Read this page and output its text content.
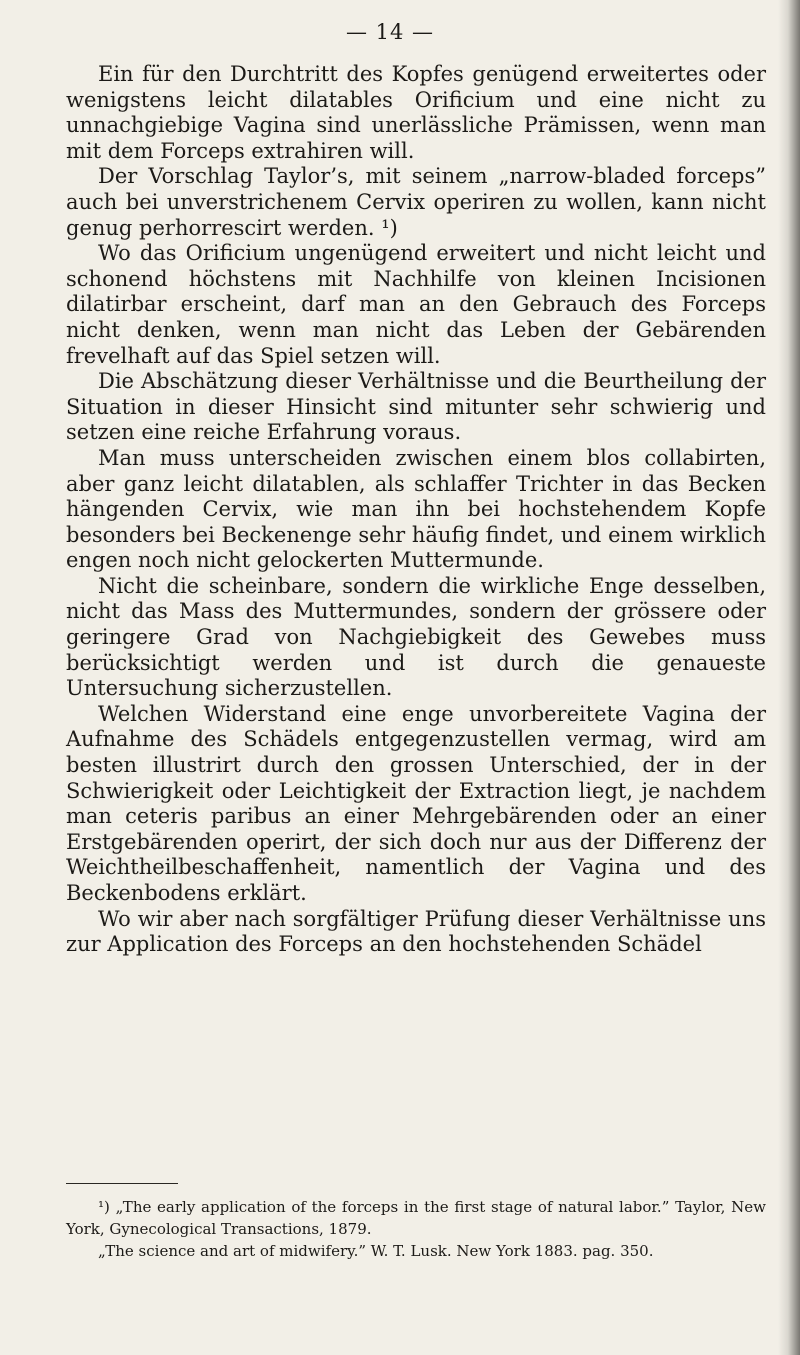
— 14 —

Ein für den Durchtritt des Kopfes genügend erweitertes oder wenigstens leicht dilatables Orificium und eine nicht zu unnachgiebige Vagina sind unerlässliche Prämissen, wenn man mit dem Forceps extrahiren will.

Der Vorschlag Taylor’s, mit seinem „narrow-bladed forceps” auch bei unverstrichenem Cervix operiren zu wollen, kann nicht genug perhorrescirt werden. ¹)

Wo das Orificium ungenügend erweitert und nicht leicht und schonend höchstens mit Nachhilfe von kleinen Incisionen dilatirbar erscheint, darf man an den Gebrauch des Forceps nicht denken, wenn man nicht das Leben der Gebärenden frevelhaft auf das Spiel setzen will.

Die Abschätzung dieser Verhältnisse und die Beurtheilung der Situation in dieser Hinsicht sind mitunter sehr schwierig und setzen eine reiche Erfahrung voraus.

Man muss unterscheiden zwischen einem blos collabirten, aber ganz leicht dilatablen, als schlaffer Trichter in das Becken hängenden Cervix, wie man ihn bei hochstehendem Kopfe besonders bei Beckenenge sehr häufig findet, und einem wirklich engen noch nicht gelockerten Muttermunde.

Nicht die scheinbare, sondern die wirkliche Enge desselben, nicht das Mass des Muttermundes, sondern der grössere oder geringere Grad von Nachgiebigkeit des Gewebes muss berücksichtigt werden und ist durch die genaueste Untersuchung sicherzustellen.

Welchen Widerstand eine enge unvorbereitete Vagina der Aufnahme des Schädels entgegenzustellen vermag, wird am besten illustrirt durch den grossen Unterschied, der in der Schwierigkeit oder Leichtigkeit der Extraction liegt, je nachdem man ceteris paribus an einer Mehrgebärenden oder an einer Erstgebärenden operirt, der sich doch nur aus der Differenz der Weichtheilbeschaffenheit, namentlich der Vagina und des Beckenbodens erklärt.

Wo wir aber nach sorgfältiger Prüfung dieser Verhältnisse uns zur Application des Forceps an den hochstehenden Schädel

¹) „The early application of the forceps in the first stage of natural labor.” Taylor, New York, Gynecological Transactions, 1879.

„The science and art of midwifery.” W. T. Lusk. New York 1883. pag. 350.
